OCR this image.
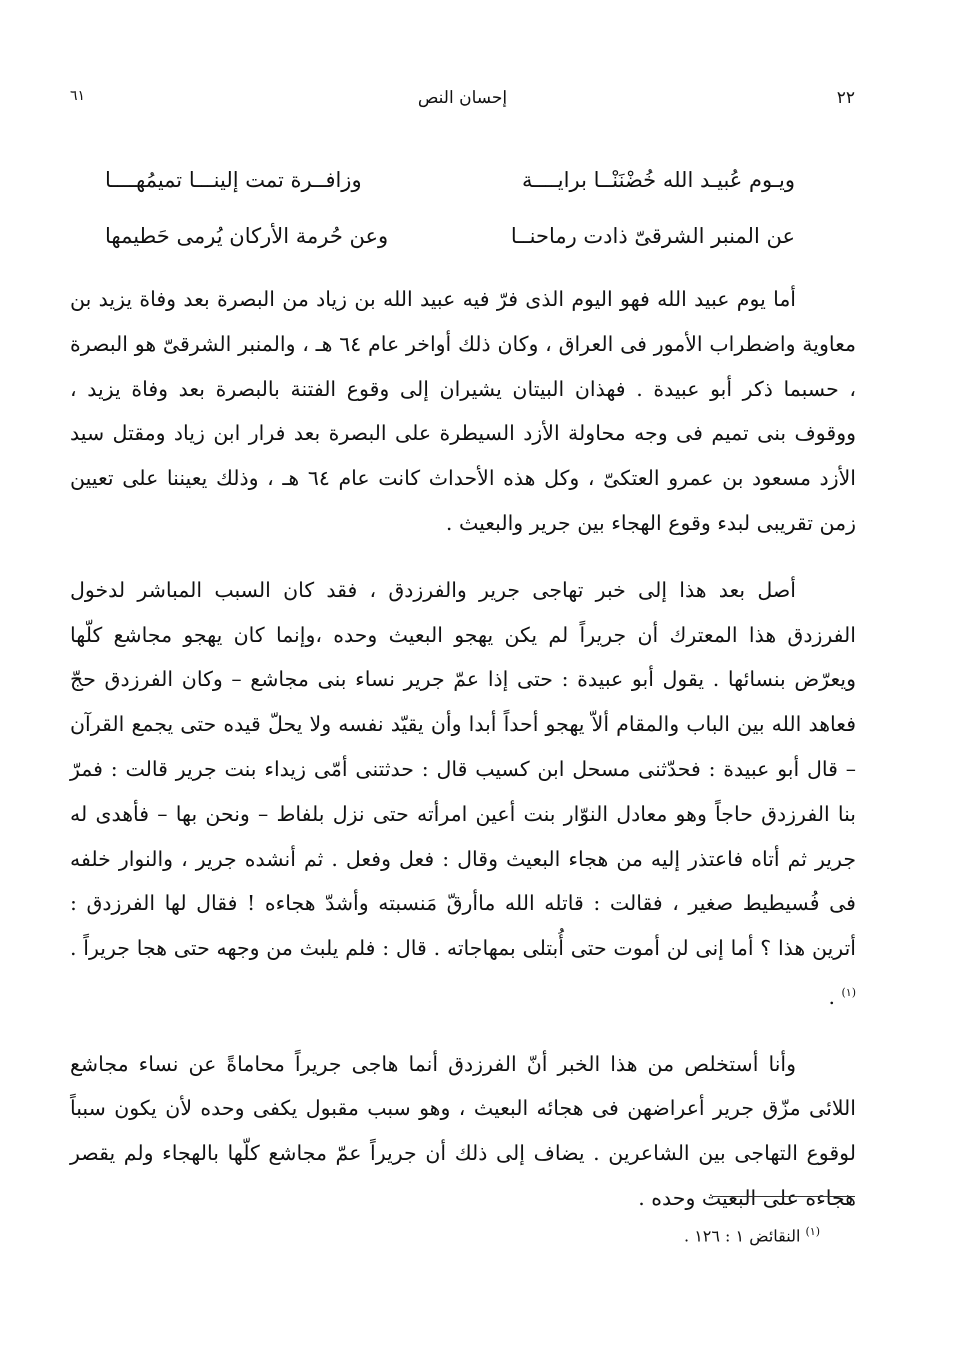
٢٢
إحسان النص
٦١
ويـوم عُبيـد الله خُضْنَنْــا برايــــة
وزافــرة تمت إلينـــا تميمُهــــا
عن المنبر الشرقىّ ذادت رماحنــا
وعن حُرمة الأركان يُرمى حَطيمها

أما يوم عبيد الله فهو اليوم الذى فرّ فيه عبيد الله بن زياد من البصرة بعد وفاة يزيد بن معاوية واضطراب الأمور فى العراق ، وكان ذلك أواخر عام ٦٤ هـ ، والمنبر الشرقىّ هو البصرة ، حسبما ذكر أبو عبيدة . فهذان البيتان يشيران إلى وقوع الفتنة بالبصرة بعد وفاة يزيد ، ووقوف بنى تميم فى وجه محاولة الأزد السيطرة على البصرة بعد فرار ابن زياد ومقتل سيد الأزد مسعود بن عمرو العتكىّ ، وكل هذه الأحداث كانت عام ٦٤ هـ ، وذلك يعيننا على تعيين زمن تقريبى لبدء وقوع الهجاء بين جرير والبعيث .

أصل بعد هذا إلى خبر تهاجى جرير والفرزدق ، فقد كان السبب المباشر لدخول الفرزدق هذا المعترك أن جريراً لم يكن يهجو البعيث وحده ،وإنما كان يهجو مجاشع كلّها ويعرّض بنسائها . يقول أبو عبيدة : حتى إذا عمّ جرير نساء بنى مجاشع – وكان الفرزدق حجّ فعاهد الله بين الباب والمقام ألاّ يهجو أحداً أبدا وأن يقيّد نفسه ولا يحلّ قيده حتى يجمع القرآن – قال أبو عبيدة : فحدّثنى مسحل ابن كسيب قال : حدثتنى أمّى زيداء بنت جرير قالت : فمرّ بنا الفرزدق حاجاً وهو معادل النوّار بنت أعين امرأته حتى نزل بلفاط – ونحن بها – فأهدى له جرير ثم أتاه فاعتذر إليه من هجاء البعيث وقال : فعل وفعل . ثم أنشده جرير ، والنوار خلفه فى فُسيطيط صغير ، فقالت : قاتله الله ماأرقّ مَنسبته وأشدّ هجاءه ! فقال لها الفرزدق : أترين هذا ؟ أما إنى لن أموت حتى أُبتلى بمهاجاته . قال : فلم يلبث من وجهه حتى هجا جريراً . $^{(١)}$ .

وأنا أستخلص من هذا الخبر أنّ الفرزدق أنما هاجى جريراً محاماةً عن نساء مجاشع اللائى مزّق جرير أعراضهن فى هجائه البعيث ، وهو سبب مقبول يكفى وحده لأن يكون سبباً لوقوع التهاجى بين الشاعرين . يضاف إلى ذلك أن جريراً عمّ مجاشع كلّها بالهجاء ولم يقصر هجاءه على البعيث وحده .

$^{(١)}$ النقائض ١ : ١٢٦ .
